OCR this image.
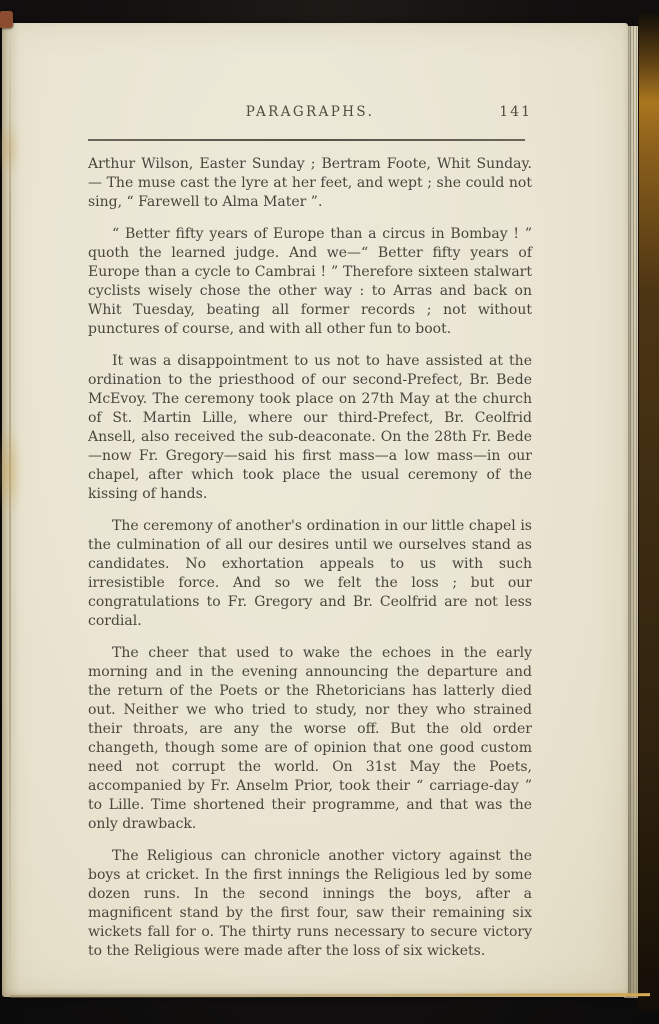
PARAGRAPHS.	141

Arthur Wilson, Easter Sunday ; Bertram Foote, Whit Sunday.— The muse cast the lyre at her feet, and wept ; she could not sing, “ Farewell to Alma Mater ”.

“ Better fifty years of Europe than a circus in Bombay ! ” quoth the learned judge. And we—“ Better fifty years of Europe than a cycle to Cambrai ! ” Therefore sixteen stalwart cyclists wisely chose the other way : to Arras and back on Whit Tuesday, beating all former records ; not without punctures of course, and with all other fun to boot.

It was a disappointment to us not to have assisted at the ordination to the priesthood of our second-Prefect, Br. Bede McEvoy. The ceremony took place on 27th May at the church of St. Martin Lille, where our third-Prefect, Br. Ceolfrid Ansell, also received the sub-deaconate. On the 28th Fr. Bede—now Fr. Gregory—said his first mass—a low mass—in our chapel, after which took place the usual ceremony of the kissing of hands.

The ceremony of another's ordination in our little chapel is the culmination of all our desires until we ourselves stand as candidates. No exhortation appeals to us with such irresistible force. And so we felt the loss ; but our congratulations to Fr. Gregory and Br. Ceolfrid are not less cordial.

The cheer that used to wake the echoes in the early morning and in the evening announcing the departure and the return of the Poets or the Rhetoricians has latterly died out. Neither we who tried to study, nor they who strained their throats, are any the worse off. But the old order changeth, though some are of opinion that one good custom need not corrupt the world. On 31st May the Poets, accompanied by Fr. Anselm Prior, took their “ carriage-day ” to Lille. Time shortened their programme, and that was the only drawback.

The Religious can chronicle another victory against the boys at cricket. In the first innings the Religious led by some dozen runs. In the second innings the boys, after a magnificent stand by the first four, saw their remaining six wickets fall for o. The thirty runs necessary to secure victory to the Religious were made after the loss of six wickets.
